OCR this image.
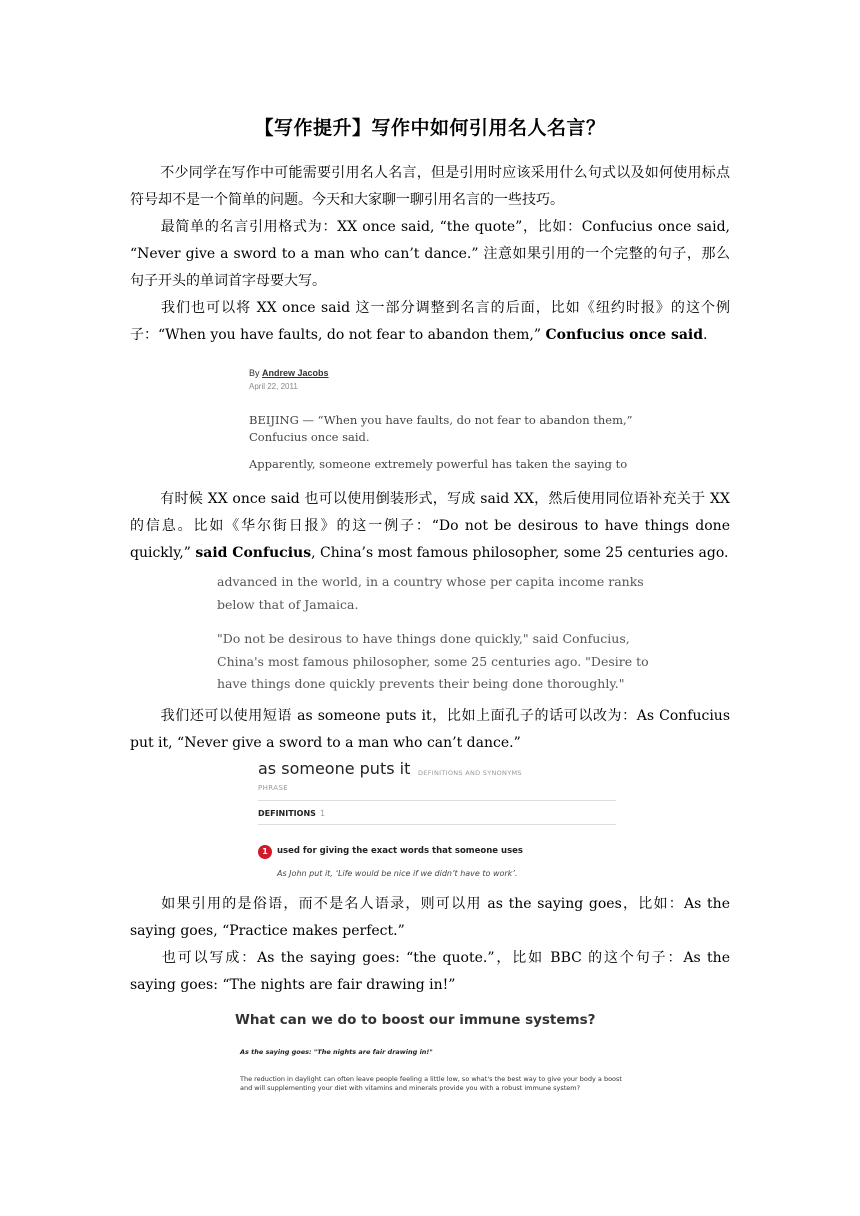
【写作提升】写作中如何引用名人名言？
不少同学在写作中可能需要引用名人名言，但是引用时应该采用什么句式以及如何使用标点符号却不是一个简单的问题。今天和大家聊一聊引用名言的一些技巧。
最简单的名言引用格式为：XX once said, “the quote”，比如：Confucius once said, “Never give a sword to a man who can’t dance.” 注意如果引用的一个完整的句子，那么句子开头的单词首字母要大写。
我们也可以将 XX once said 这一部分调整到名言的后面，比如《纽约时报》的这个例子：“When you have faults, do not fear to abandon them,” Confucius once said.
By Andrew Jacobs
April 22, 2011
BEIJING — “When you have faults, do not fear to abandon them,”
Confucius once said.
Apparently, someone extremely powerful has taken the saying to
有时候 XX once said 也可以使用倒装形式，写成 said XX，然后使用同位语补充关于 XX 的信息。比如《华尔街日报》的这一例子：“Do not be desirous to have things done quickly,” said Confucius, China’s most famous philosopher, some 25 centuries ago.
advanced in the world, in a country whose per capita income ranks
below that of Jamaica.
"Do not be desirous to have things done quickly," said Confucius,
China's most famous philosopher, some 25 centuries ago. "Desire to
have things done quickly prevents their being done thoroughly."
我们还可以使用短语 as someone puts it，比如上面孔子的话可以改为：As Confucius put it, “Never give a sword to a man who can’t dance.”
as someone puts it DEFINITIONS AND SYNONYMS
PHRASE
DEFINITIONS 1
1	used for giving the exact words that someone uses
As John put it, ‘Life would be nice if we didn’t have to work’.
如果引用的是俗语，而不是名人语录，则可以用 as the saying goes，比如：As the saying goes, “Practice makes perfect.”
也可以写成：As the saying goes: “the quote.”，比如 BBC 的这个句子：As the saying goes: “The nights are fair drawing in!”
What can we do to boost our immune systems?
As the saying goes: "The nights are fair drawing in!"
The reduction in daylight can often leave people feeling a little low, so what's the best way to give your body a boost and will supplementing your diet with vitamins and minerals provide you with a robust immune system?
